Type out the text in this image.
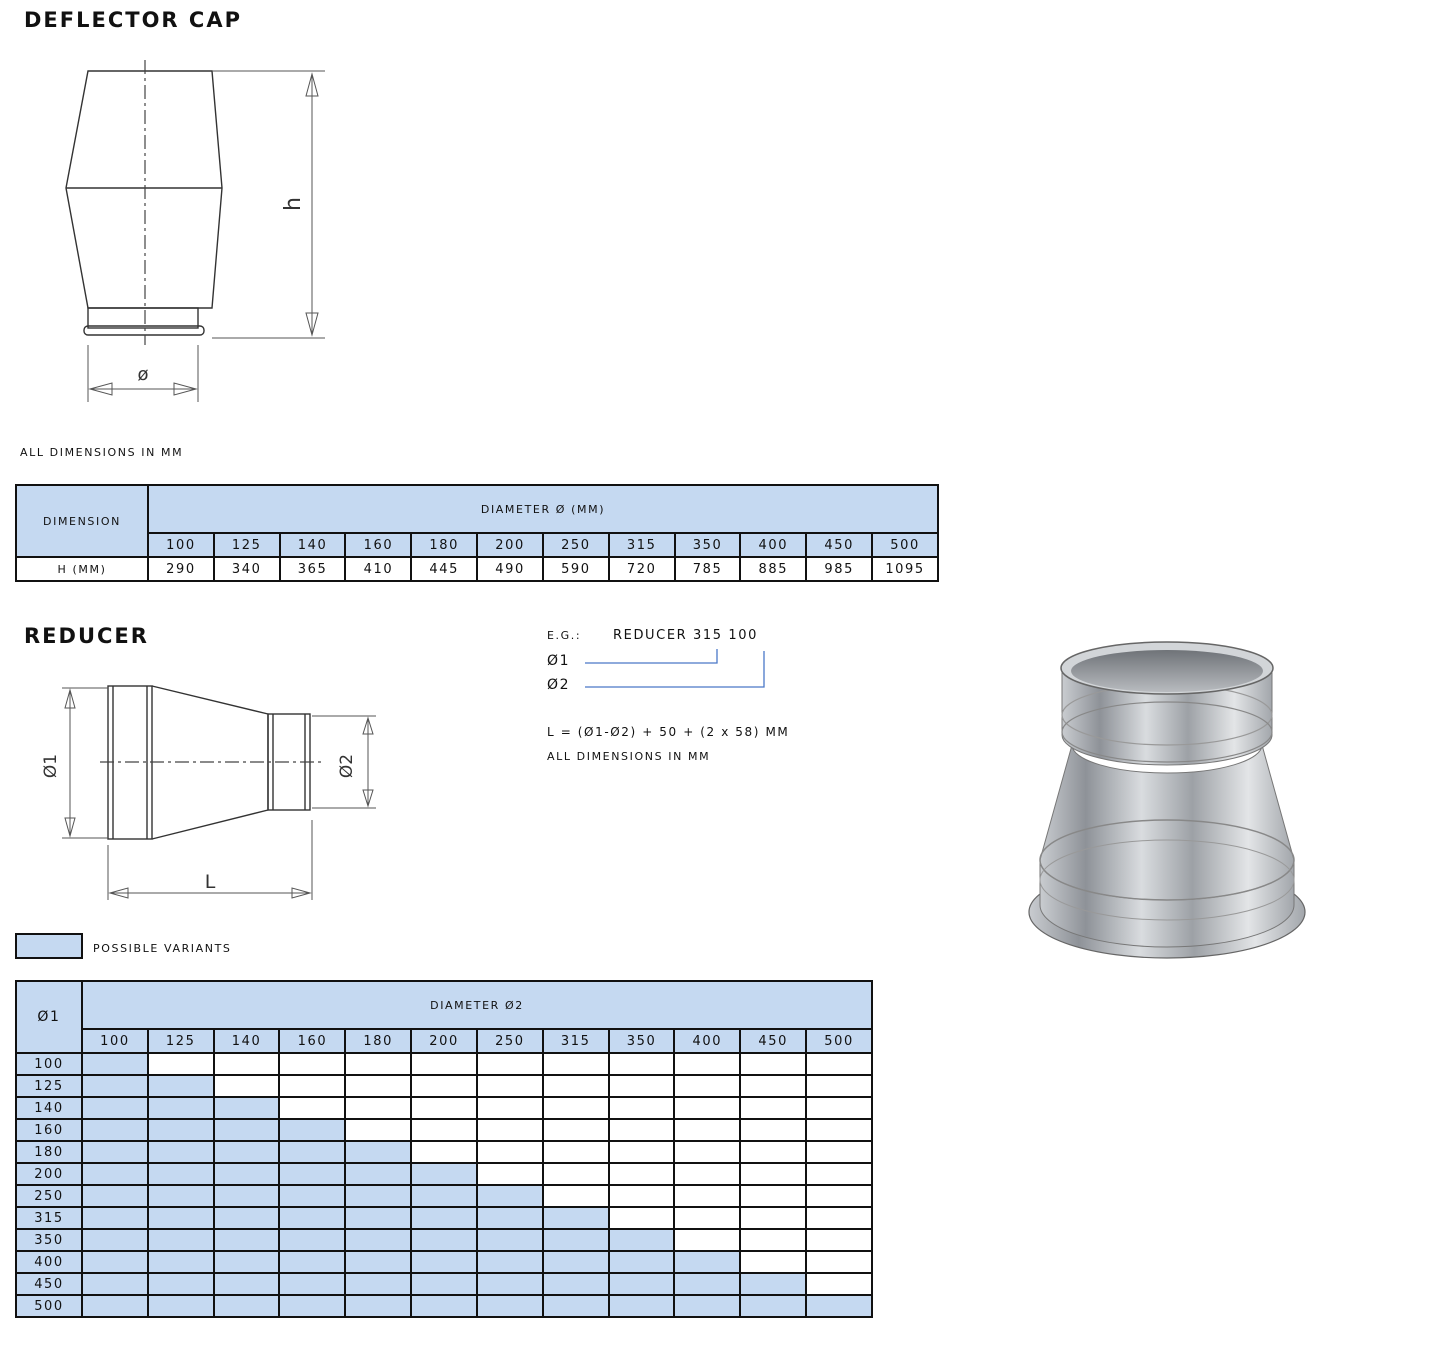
DEFLECTOR CAP
h
ø
ALL DIMENSIONS IN MM
DIMENSION	DIAMETER Ø (MM)											
	100	125	140	160	180	200	250	315	350	400	450	500
H (MM)	290	340	365	410	445	490	590	720	785	885	985	1095
REDUCER
Ø1	Ø2
L
E.G.: REDUCER 315 100
Ø1
Ø2
L = (Ø1-Ø2) + 50 + (2 x 58) MM
ALL DIMENSIONS IN MM
POSSIBLE VARIANTS
Ø1	DIAMETER Ø2											
	100	125	140	160	180	200	250	315	350	400	450	500
100												
125												
140												
160												
180												
200												
250												
315												
350												
400												
450												
500												
